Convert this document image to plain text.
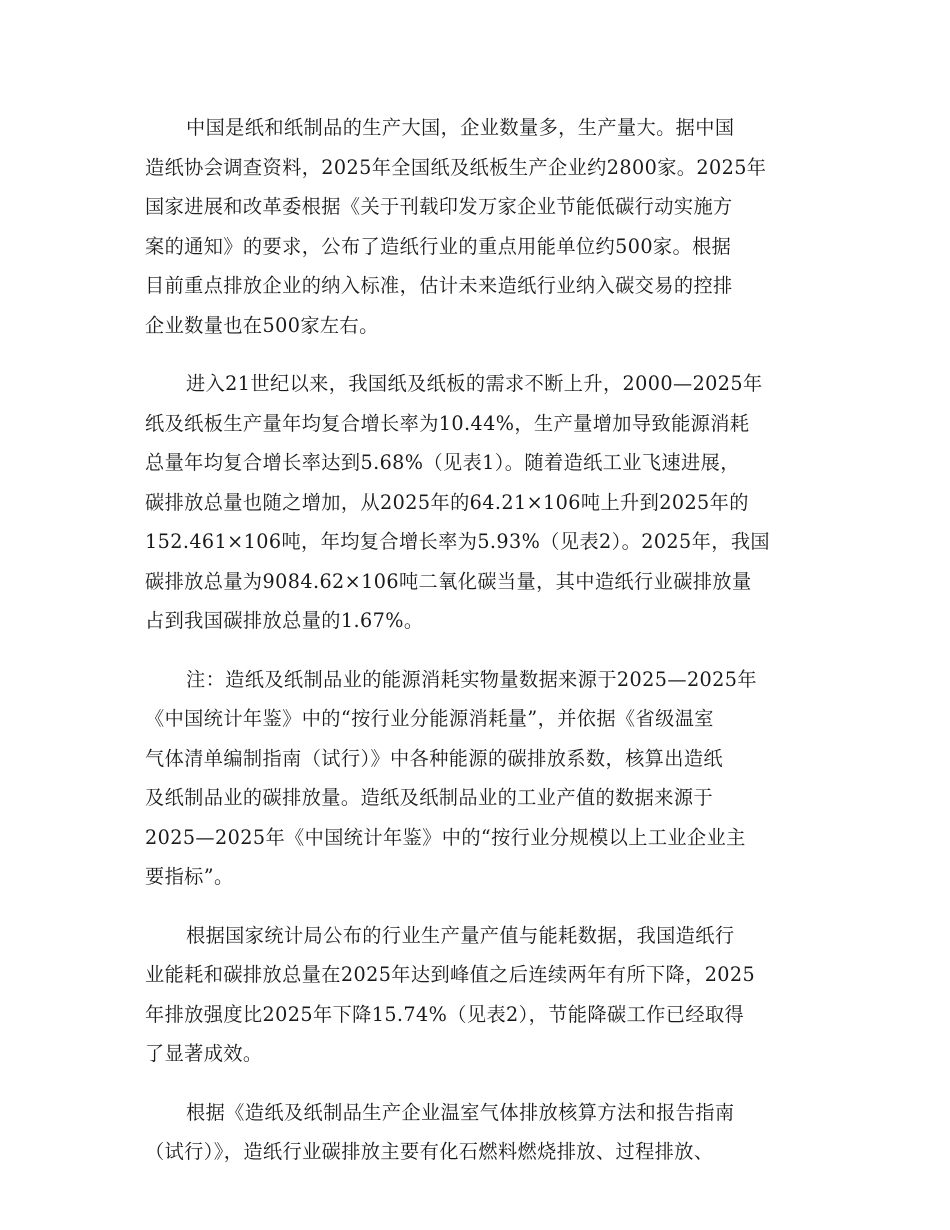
中国是纸和纸制品的生产大国，企业数量多，生产量大。据中国
造纸协会调查资料，2025年全国纸及纸板生产企业约2800家。2025年
国家进展和改革委根据《关于刊载印发万家企业节能低碳行动实施方
案的通知》的要求，公布了造纸行业的重点用能单位约500家。根据
目前重点排放企业的纳入标准，估计未来造纸行业纳入碳交易的控排
企业数量也在500家左右。
进入21世纪以来，我国纸及纸板的需求不断上升，2000—2025年
纸及纸板生产量年均复合增长率为10.44%，生产量增加导致能源消耗
总量年均复合增长率达到5.68%（见表1）。随着造纸工业飞速进展，
碳排放总量也随之增加，从2025年的64.21×106吨上升到2025年的
152.461×106吨，年均复合增长率为5.93%（见表2）。2025年，我国
碳排放总量为9084.62×106吨二氧化碳当量，其中造纸行业碳排放量
占到我国碳排放总量的1.67%。
注：造纸及纸制品业的能源消耗实物量数据来源于2025—2025年
《中国统计年鉴》中的“按行业分能源消耗量”，并依据《省级温室
气体清单编制指南（试行）》中各种能源的碳排放系数，核算出造纸
及纸制品业的碳排放量。造纸及纸制品业的工业产值的数据来源于
2025—2025年《中国统计年鉴》中的“按行业分规模以上工业企业主
要指标”。
根据国家统计局公布的行业生产量产值与能耗数据，我国造纸行
业能耗和碳排放总量在2025年达到峰值之后连续两年有所下降，2025
年排放强度比2025年下降15.74%（见表2），节能降碳工作已经取得
了显著成效。
根据《造纸及纸制品生产企业温室气体排放核算方法和报告指南
（试行）》，造纸行业碳排放主要有化石燃料燃烧排放、过程排放、
